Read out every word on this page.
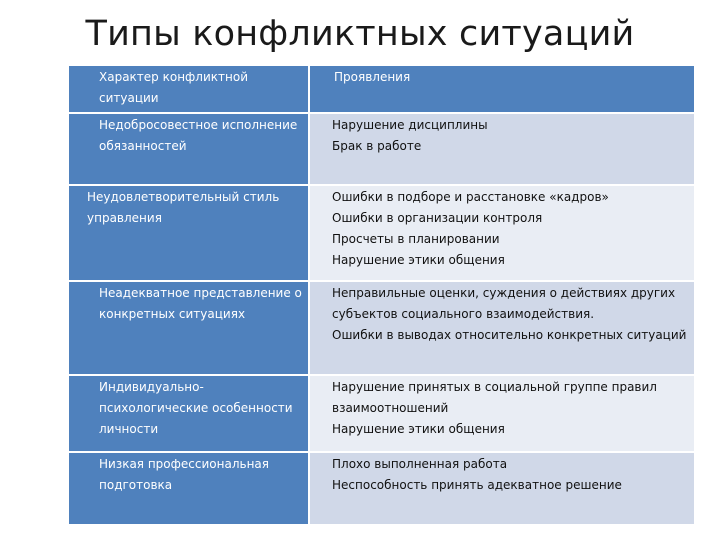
Типы конфликтных ситуаций
Характер конфликтной ситуации	Проявления

Недобросовестное исполнение обязанностей	Нарушение дисциплины
Брак в работе

Неудовлетворительный стиль управления	Ошибки в подборе и расстановке «кадров»
Ошибки в организации контроля
Просчеты в планировании
Нарушение этики общения

Неадекватное представление о конкретных ситуациях	Неправильные оценки, суждения о действиях других субъектов социального взаимодействия.
Ошибки в выводах относительно конкретных ситуаций

Индивидуально-психологические особенности личности	Нарушение принятых в социальной группе правил взаимоотношений
Нарушение этики общения

Низкая профессиональная подготовка	Плохо выполненная работа
Неспособность принять адекватное решение
